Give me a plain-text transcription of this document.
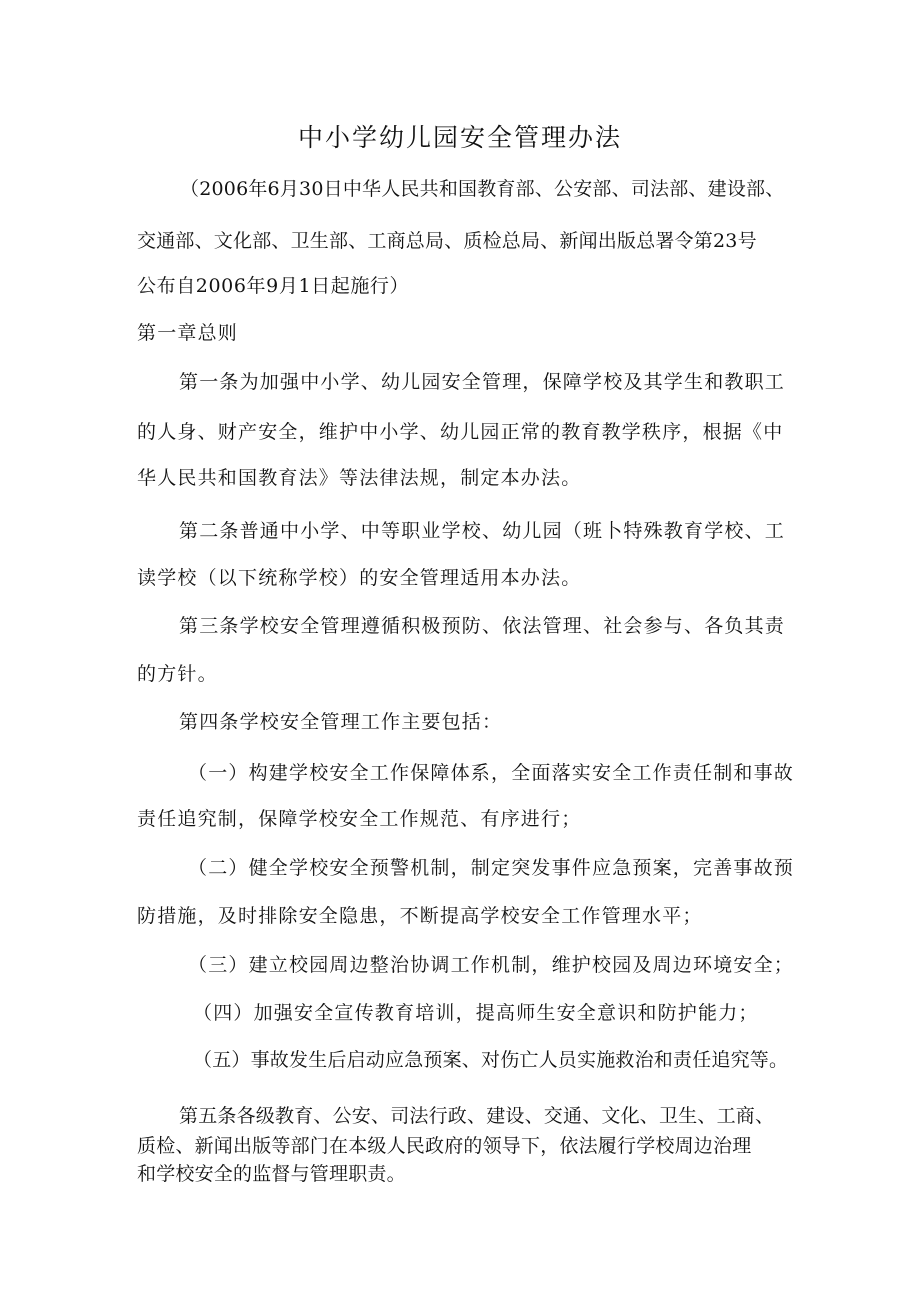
中小学幼儿园安全管理办法
（2006年6月30日中华人民共和国教育部、公安部、司法部、建设部、
交通部、文化部、卫生部、工商总局、质检总局、新闻出版总署令第23号
公布自2006年9月1日起施行）
第一章总则
第一条为加强中小学、幼儿园安全管理，保障学校及其学生和教职工
的人身、财产安全，维护中小学、幼儿园正常的教育教学秩序，根据《中
华人民共和国教育法》等法律法规，制定本办法。
第二条普通中小学、中等职业学校、幼儿园（班卜特殊教育学校、工
读学校（以下统称学校）的安全管理适用本办法。
第三条学校安全管理遵循积极预防、依法管理、社会参与、各负其责
的方针。
第四条学校安全管理工作主要包括：
（一）构建学校安全工作保障体系，全面落实安全工作责任制和事故
责任追究制，保障学校安全工作规范、有序进行；
（二）健全学校安全预警机制，制定突发事件应急预案，完善事故预
防措施，及时排除安全隐患，不断提高学校安全工作管理水平；
（三）建立校园周边整治协调工作机制，维护校园及周边环境安全；
（四）加强安全宣传教育培训，提高师生安全意识和防护能力；
（五）事故发生后启动应急预案、对伤亡人员实施救治和责任追究等。
第五条各级教育、公安、司法行政、建设、交通、文化、卫生、工商、
质检、新闻出版等部门在本级人民政府的领导下，依法履行学校周边治理
和学校安全的监督与管理职责。
